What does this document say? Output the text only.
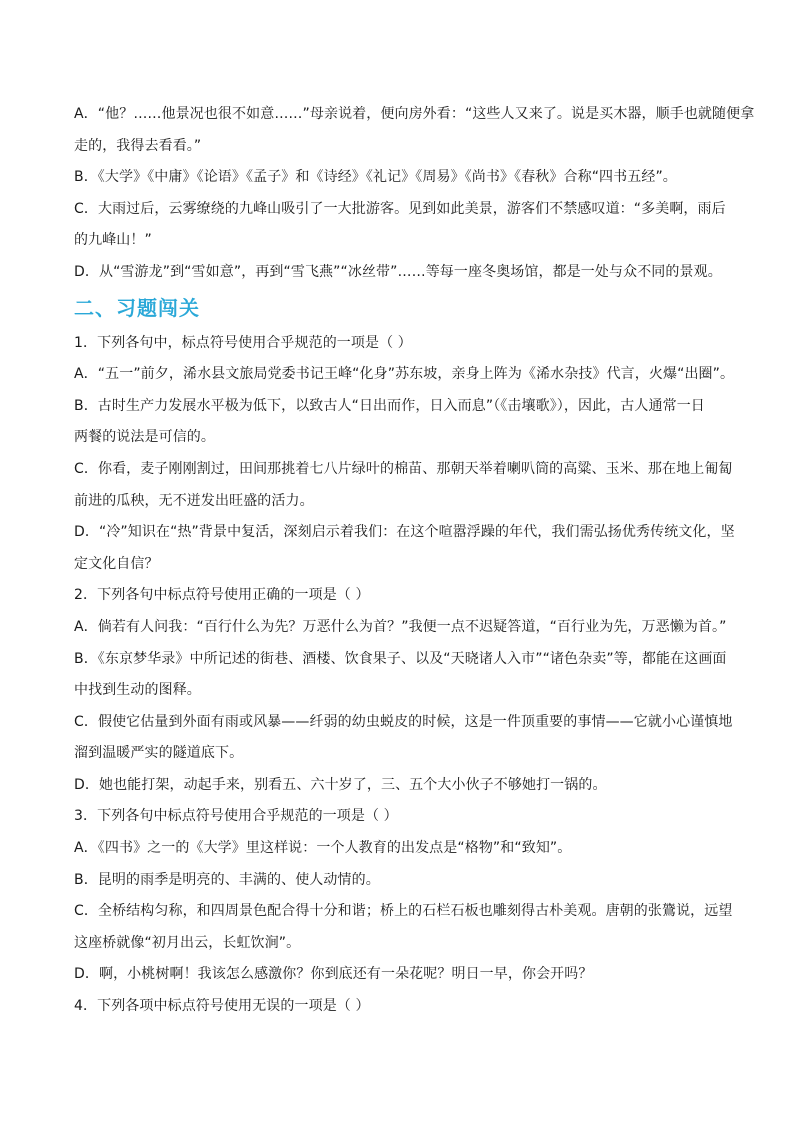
A．“他？……他景况也很不如意……”母亲说着，便向房外看：“这些人又来了。说是买木器，顺手也就随便拿
走的，我得去看看。”
B．《大学》《中庸》《论语》《孟子》和《诗经》《礼记》《周易》《尚书》《春秋》合称“四书五经”。
C．大雨过后，云雾缭绕的九峰山吸引了一大批游客。见到如此美景，游客们不禁感叹道：“多美啊，雨后
的九峰山！”
D．从“雪游龙”到“雪如意”，再到“雪飞燕”“冰丝带”……等每一座冬奥场馆，都是一处与众不同的景观。
二、习题闯关
1．下列各句中，标点符号使用合乎规范的一项是（ ）
A．“五一”前夕，浠水县文旅局党委书记王峰“化身”苏东坡，亲身上阵为《浠水杂技》代言，火爆“出圈”。
B．古时生产力发展水平极为低下，以致古人“日出而作，日入而息”（《击壤歌》），因此，古人通常一日
两餐的说法是可信的。
C．你看，麦子刚刚割过，田间那挑着七八片绿叶的棉苗、那朝天举着喇叭筒的高粱、玉米、那在地上匍匐
前进的瓜秧，无不迸发出旺盛的活力。
D．“冷”知识在“热”背景中复活，深刻启示着我们：在这个喧嚣浮躁的年代，我们需弘扬优秀传统文化，坚
定文化自信？
2．下列各句中标点符号使用正确的一项是（ ）
A．倘若有人问我：“百行什么为先？万恶什么为首？”我便一点不迟疑答道，“百行业为先，万恶懒为首。”
B．《东京梦华录》中所记述的街巷、酒楼、饮食果子、以及“天晓诸人入市”“诸色杂卖”等，都能在这画面
中找到生动的图释。
C．假使它估量到外面有雨或风暴——纤弱的幼虫蜕皮的时候，这是一件顶重要的事情——它就小心谨慎地
溜到温暖严实的隧道底下。
D．她也能打架，动起手来，别看五、六十岁了，三、五个大小伙子不够她打一锅的。
3．下列各句中标点符号使用合乎规范的一项是（ ）
A．《四书》之一的《大学》里这样说：一个人教育的出发点是“格物”和“致知”。
B．昆明的雨季是明亮的、丰满的、使人动情的。
C．全桥结构匀称，和四周景色配合得十分和谐；桥上的石栏石板也雕刻得古朴美观。唐朝的张鷟说，远望
这座桥就像“初月出云，长虹饮涧”。
D．啊，小桃树啊！我该怎么感激你？你到底还有一朵花呢？明日一早，你会开吗？
4．下列各项中标点符号使用无误的一项是（ ）
